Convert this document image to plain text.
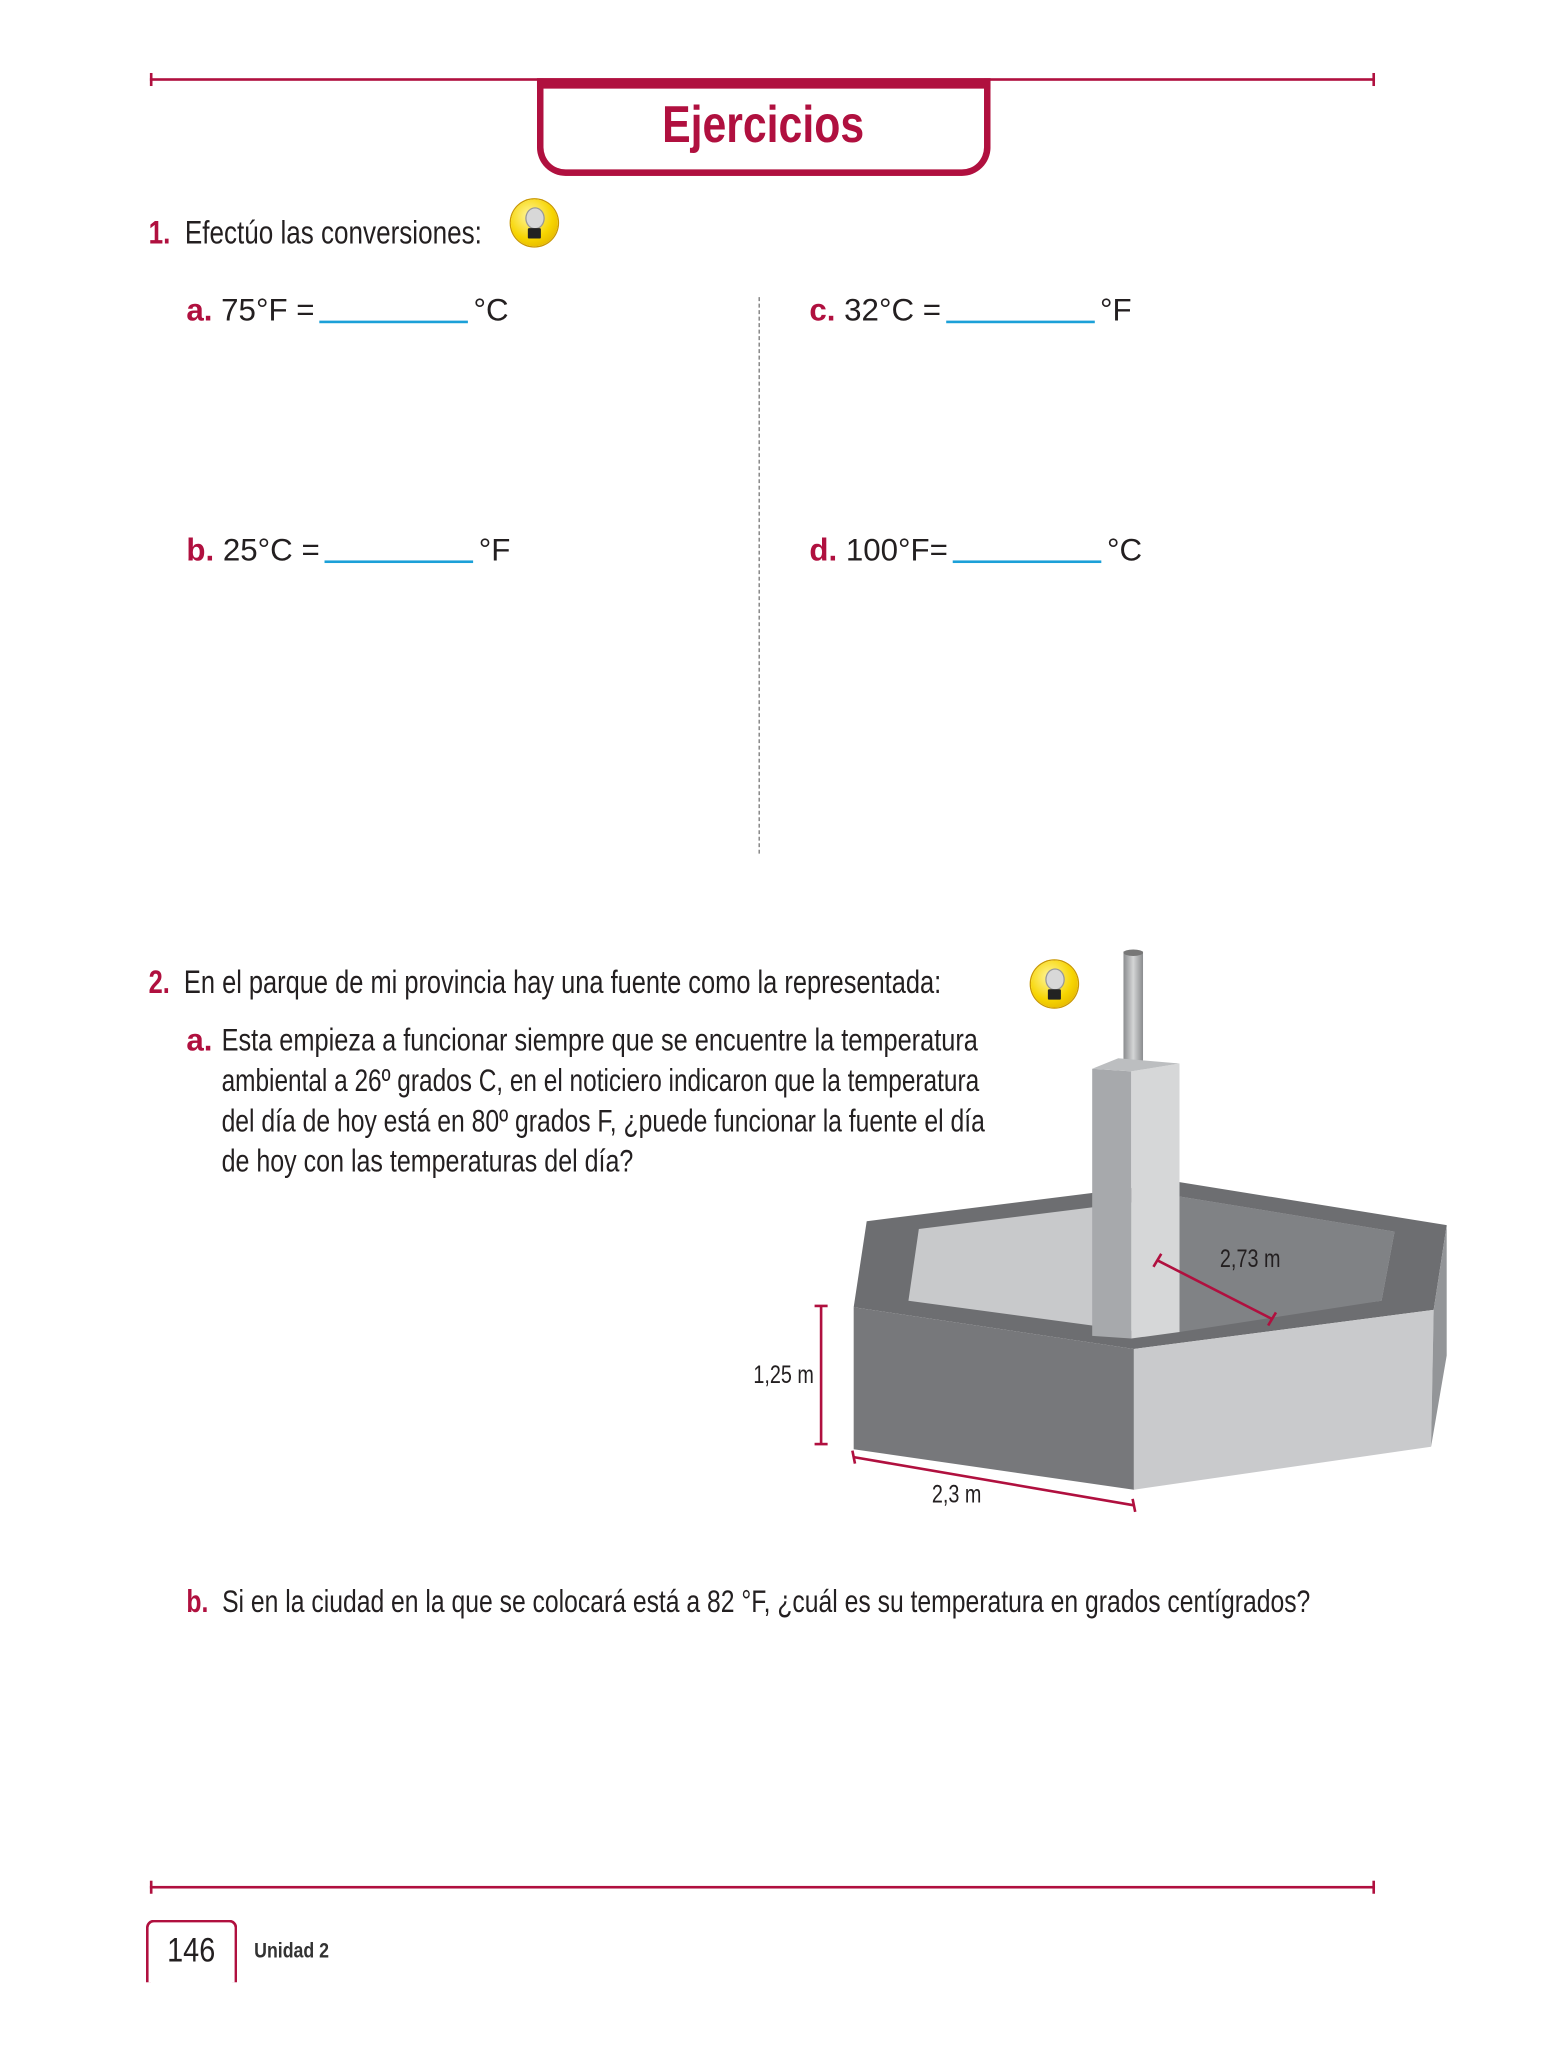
Ejercicios
1. Efectúo las conversiones:
a. 75°F =	°C
b. 25°C =	°F
c. 32°C =	°F
d. 100°F=	°C
2. En el parque de mi provincia hay una fuente como la representada:
a. Esta empieza a funcionar siempre que se encuentre la temperatura
ambiental a 26º grados C, en el noticiero indicaron que la temperatura
del día de hoy está en 80º grados F, ¿puede funcionar la fuente el día
de hoy con las temperaturas del día?
1,25 m
2,3 m
2,73 m
b. Si en la ciudad en la que se colocará está a 82 °F, ¿cuál es su temperatura en grados centígrados?
146	Unidad 2
